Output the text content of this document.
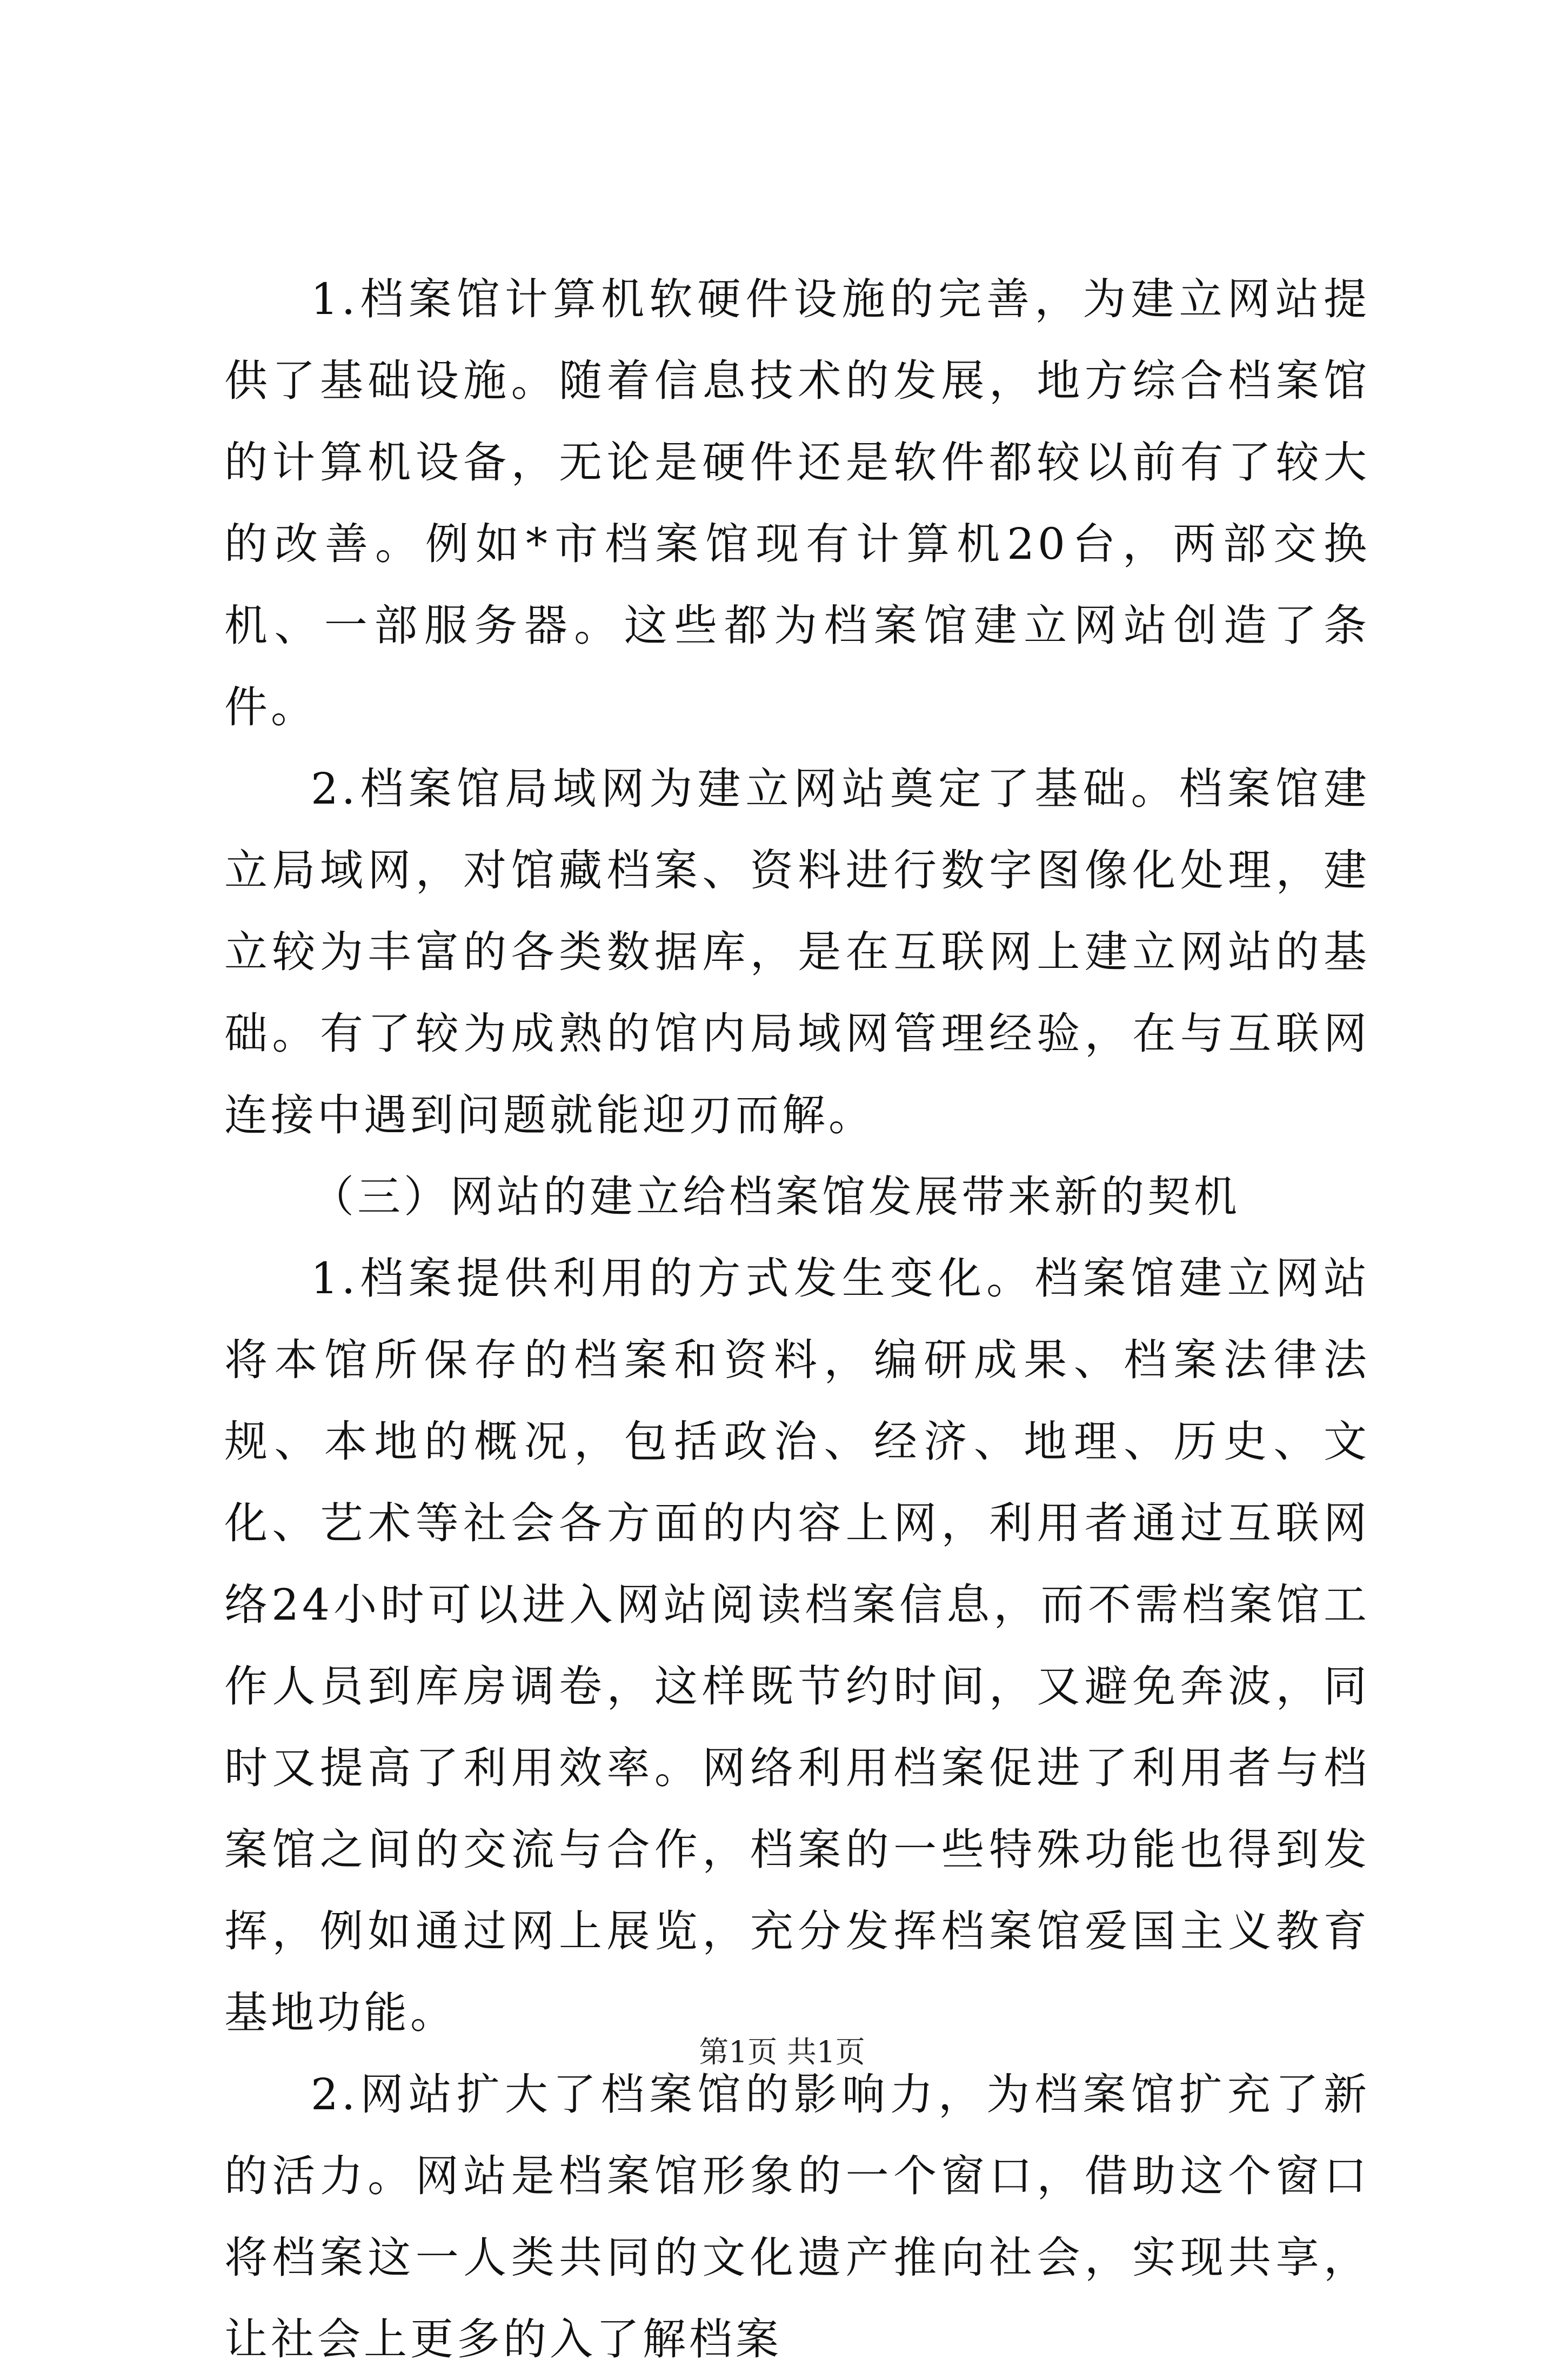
1.档案馆计算机软硬件设施的完善，为建立网站提供了基础设施。随着信息技术的发展，地方综合档案馆的计算机设备，无论是硬件还是软件都较以前有了较大的改善。例如*市档案馆现有计算机20台，两部交换机、一部服务器。这些都为档案馆建立网站创造了条件。

2.档案馆局域网为建立网站奠定了基础。档案馆建立局域网，对馆藏档案、资料进行数字图像化处理，建立较为丰富的各类数据库，是在互联网上建立网站的基础。有了较为成熟的馆内局域网管理经验，在与互联网连接中遇到问题就能迎刃而解。

（三）网站的建立给档案馆发展带来新的契机

1.档案提供利用的方式发生变化。档案馆建立网站将本馆所保存的档案和资料，编研成果、档案法律法规、本地的概况，包括政治、经济、地理、历史、文化、艺术等社会各方面的内容上网，利用者通过互联网络24小时可以进入网站阅读档案信息，而不需档案馆工作人员到库房调卷，这样既节约时间，又避免奔波，同时又提高了利用效率。网络利用档案促进了利用者与档案馆之间的交流与合作，档案的一些特殊功能也得到发挥，例如通过网上展览，充分发挥档案馆爱国主义教育基地功能。

2.网站扩大了档案馆的影响力，为档案馆扩充了新的活力。网站是档案馆形象的一个窗口，借助这个窗口将档案这一人类共同的文化遗产推向社会，实现共享，让社会上更多的入了解档案

第1页 共1页
